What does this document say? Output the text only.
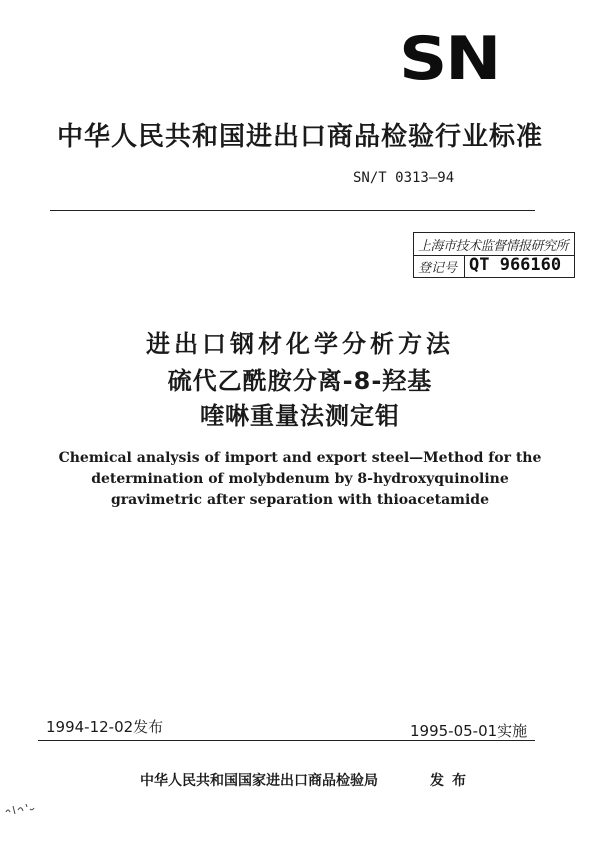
SN
中华人民共和国进出口商品检验行业标准
SN/T 0313—94
上海市技术监督情报研究所
登记号 QT 966160
进出口钢材化学分析方法
硫代乙酰胺分离-8-羟基
喹啉重量法测定钼
Chemical analysis of import and export steel—Method for the
determination of molybdenum by 8-hydroxyquinoline
gravimetric after separation with thioacetamide
1994-12-02发布	1995-05-01实施
中华人民共和国国家进出口商品检验局	发布
